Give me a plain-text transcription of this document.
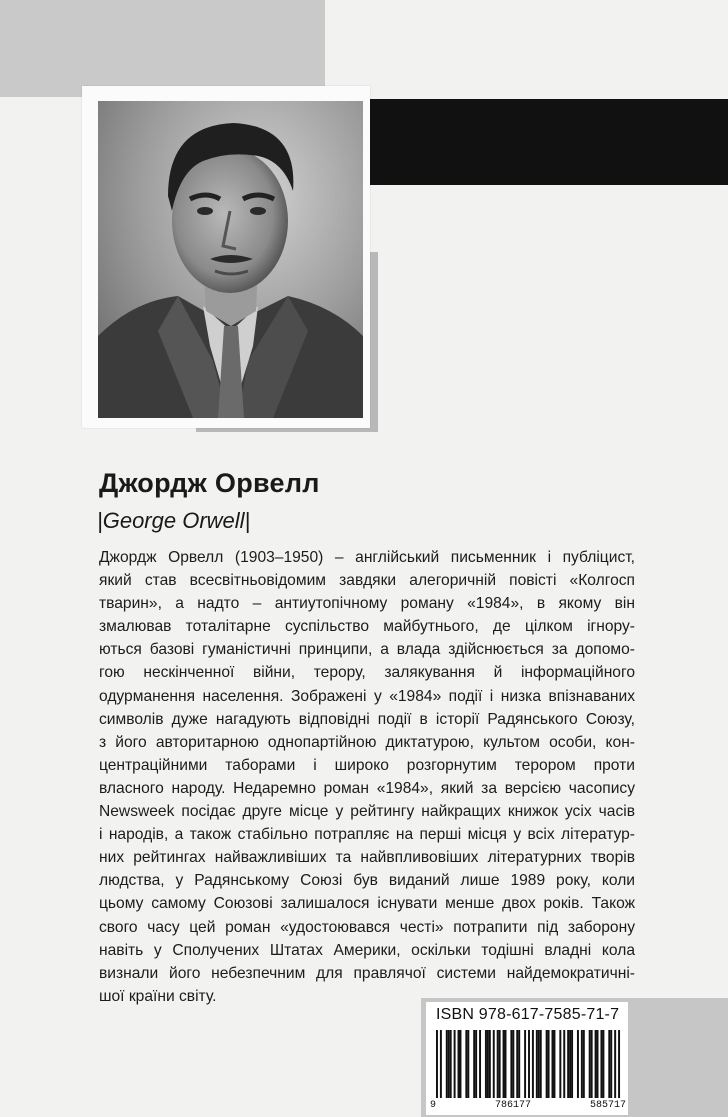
Джордж Орвелл
|George Orwell|
Джордж Орвелл (1903–1950) – англійський письменник і публіцист,
який став всесвітньовідомим завдяки алегоричній повісті «Колгосп
тварин», а надто – антиутопічному роману «1984», в якому він
змалював тоталітарне суспільство майбутнього, де цілком ігнору-
ються базові гуманістичні принципи, а влада здійснюється за допомо-
гою нескінченної війни, терору, залякування й інформаційного
одурманення населення. Зображені у «1984» події і низка впізнаваних
символів дуже нагадують відповідні події в історії Радянського Союзу,
з його авторитарною однопартійною диктатурою, культом особи, кон-
центраційними таборами і широко розгорнутим терором проти
власного народу. Недаремно роман «1984», який за версією часопису
Newsweek посідає друге місце у рейтингу найкращих книжок усіх часів
і народів, а також стабільно потрапляє на перші місця у всіх літератур-
них рейтингах найважливіших та найвпливовіших літературних творів
людства, у Радянському Союзі був виданий лише 1989 року, коли
цьому самому Союзові залишалося існувати менше двох років. Також
свого часу цей роман «удостоювався честі» потрапити під заборону
навіть у Сполучених Штатах Америки, оскільки тодішні владні кола
визнали його небезпечним для правлячої системи найдемократичні-
шої країни світу.
ISBN 978-617-7585-71-7
9	786177	585717
